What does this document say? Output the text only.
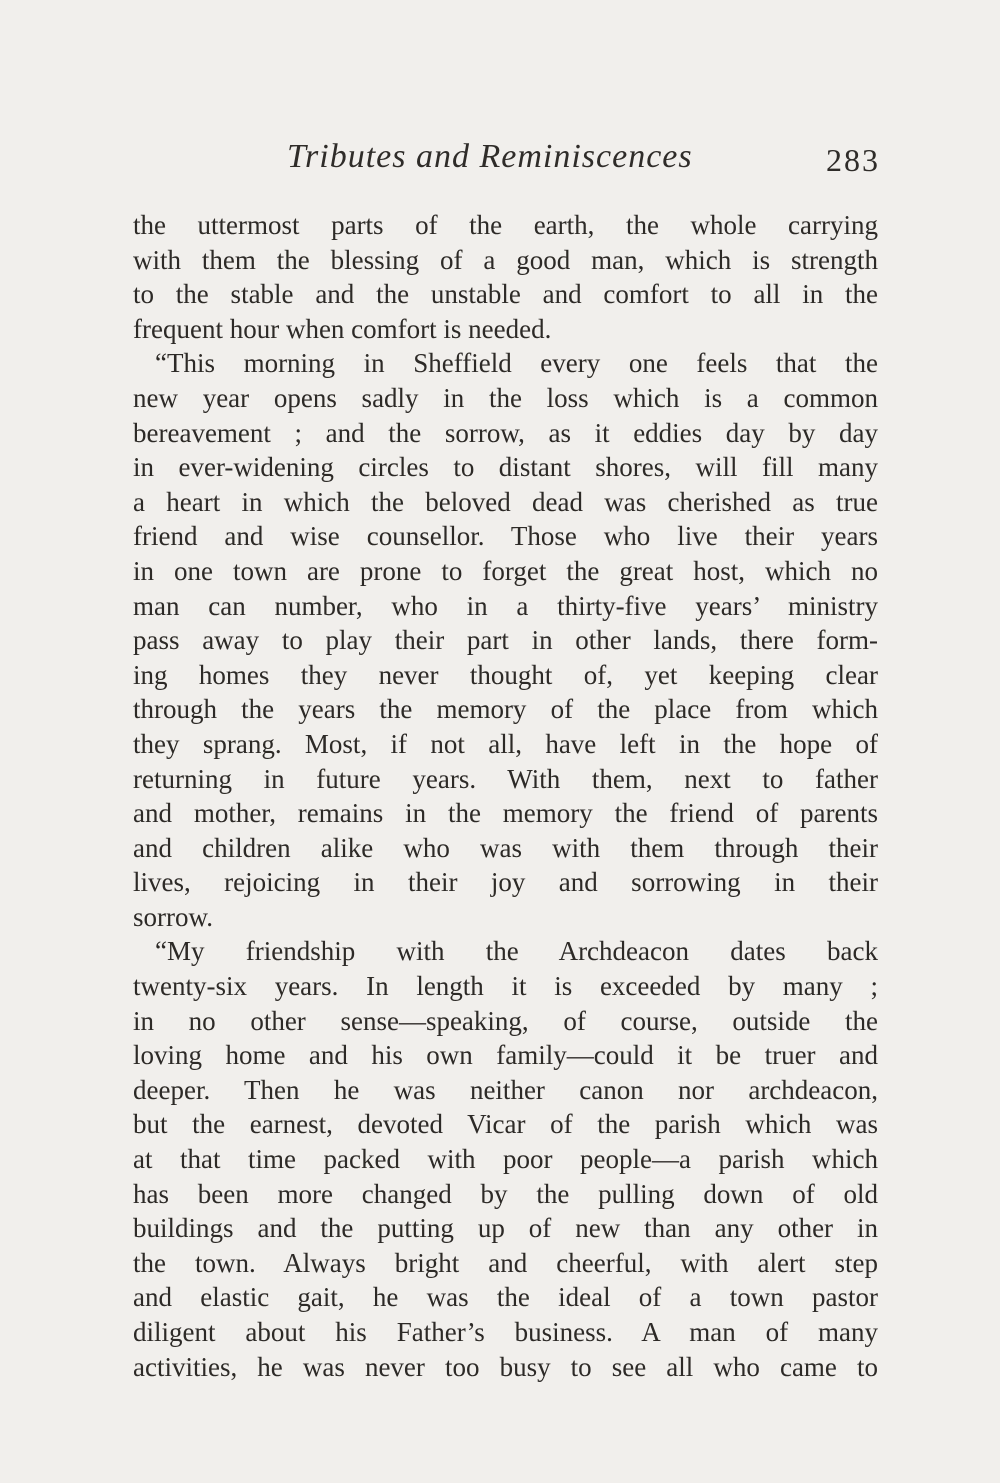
Tributes and Reminiscences	283
the uttermost parts of the earth, the whole carrying
with them the blessing of a good man, which is strength
to the stable and the unstable and comfort to all in the
frequent hour when comfort is needed.
“This morning in Sheffield every one feels that the
new year opens sadly in the loss which is a common
bereavement ; and the sorrow, as it eddies day by day
in ever-widening circles to distant shores, will fill many
a heart in which the beloved dead was cherished as true
friend and wise counsellor. Those who live their years
in one town are prone to forget the great host, which no
man can number, who in a thirty-five years’ ministry
pass away to play their part in other lands, there form-
ing homes they never thought of, yet keeping clear
through the years the memory of the place from which
they sprang. Most, if not all, have left in the hope of
returning in future years. With them, next to father
and mother, remains in the memory the friend of parents
and children alike who was with them through their
lives, rejoicing in their joy and sorrowing in their
sorrow.
“My friendship with the Archdeacon dates back
twenty-six years. In length it is exceeded by many ;
in no other sense—speaking, of course, outside the
loving home and his own family—could it be truer and
deeper. Then he was neither canon nor archdeacon,
but the earnest, devoted Vicar of the parish which was
at that time packed with poor people—a parish which
has been more changed by the pulling down of old
buildings and the putting up of new than any other in
the town. Always bright and cheerful, with alert step
and elastic gait, he was the ideal of a town pastor
diligent about his Father’s business. A man of many
activities, he was never too busy to see all who came to
